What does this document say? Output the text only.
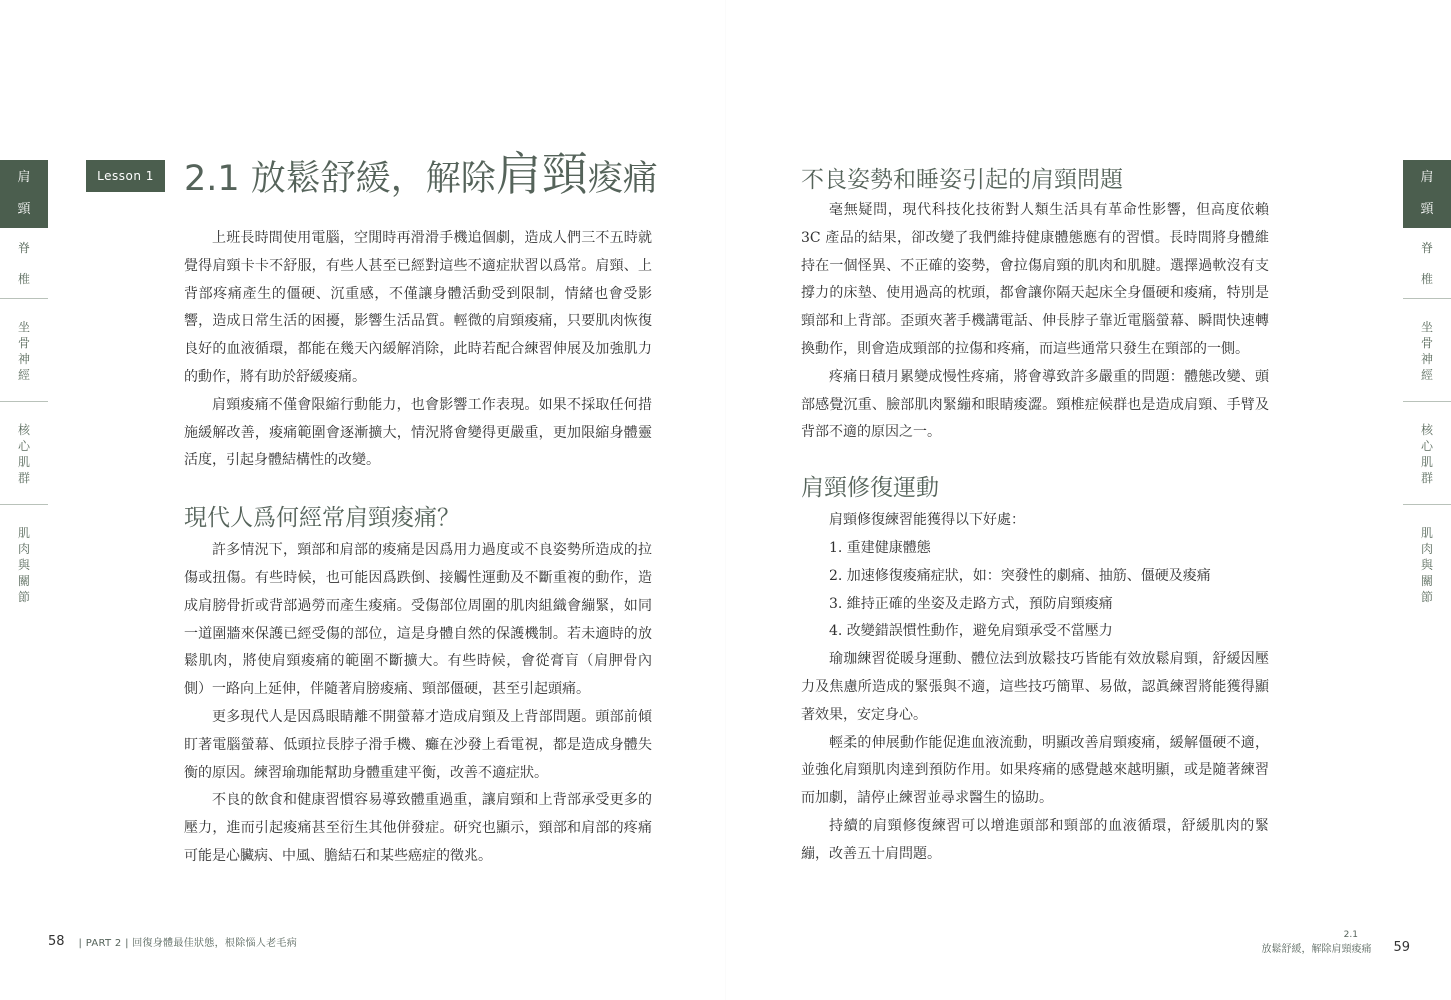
肩
頸
脊
椎
坐
骨
神
經
核
心
肌
群
肌
肉
與
關
節
肩
頸
脊
椎
坐
骨
神
經
核
心
肌
群
肌
肉
與
關
節
Lesson 1 2.1 放鬆舒緩，解除肩頸痠痛

上班長時間使用電腦，空閒時再滑滑手機追個劇，造成人們三不五時就覺得肩頸卡卡不舒服，有些人甚至已經對這些不適症狀習以爲常。肩頸、上背部疼痛產生的僵硬、沉重感，不僅讓身體活動受到限制，情緒也會受影響，造成日常生活的困擾，影響生活品質。輕微的肩頸痠痛，只要肌肉恢復良好的血液循環，都能在幾天內緩解消除，此時若配合練習伸展及加強肌力的動作，將有助於舒緩痠痛。

肩頸痠痛不僅會限縮行動能力，也會影響工作表現。如果不採取任何措施緩解改善，痠痛範圍會逐漸擴大，情況將會變得更嚴重，更加限縮身體靈活度，引起身體結構性的改變。

現代人爲何經常肩頸痠痛？

許多情況下，頸部和肩部的痠痛是因爲用力過度或不良姿勢所造成的拉傷或扭傷。有些時候，也可能因爲跌倒、接觸性運動及不斷重複的動作，造成肩膀骨折或背部過勞而產生痠痛。受傷部位周圍的肌肉組織會繃緊，如同一道圍牆來保護已經受傷的部位，這是身體自然的保護機制。若未適時的放鬆肌肉，將使肩頸痠痛的範圍不斷擴大。有些時候，會從膏肓（肩胛骨內側）一路向上延伸，伴隨著肩膀痠痛、頸部僵硬，甚至引起頭痛。

更多現代人是因爲眼睛離不開螢幕才造成肩頸及上背部問題。頭部前傾盯著電腦螢幕、低頭拉長脖子滑手機、癱在沙發上看電視，都是造成身體失衡的原因。練習瑜珈能幫助身體重建平衡，改善不適症狀。

不良的飲食和健康習慣容易導致體重過重，讓肩頸和上背部承受更多的壓力，進而引起痠痛甚至衍生其他併發症。研究也顯示，頸部和肩部的疼痛可能是心臟病、中風、膽結石和某些癌症的徵兆。

不良姿勢和睡姿引起的肩頸問題

毫無疑問，現代科技化技術對人類生活具有革命性影響，但高度依賴 3C 產品的結果，卻改變了我們維持健康體態應有的習慣。長時間將身體維持在一個怪異、不正確的姿勢，會拉傷肩頸的肌肉和肌腱。選擇過軟沒有支撐力的床墊、使用過高的枕頭，都會讓你隔天起床全身僵硬和痠痛，特別是頸部和上背部。歪頭夾著手機講電話、伸長脖子靠近電腦螢幕、瞬間快速轉換動作，則會造成頸部的拉傷和疼痛，而這些通常只發生在頸部的一側。

疼痛日積月累變成慢性疼痛，將會導致許多嚴重的問題：體態改變、頭部感覺沉重、臉部肌肉緊繃和眼睛痠澀。頸椎症候群也是造成肩頸、手臂及背部不適的原因之一。

肩頸修復運動

肩頸修復練習能獲得以下好處：

1. 重建健康體態
2. 加速修復痠痛症狀，如：突發性的劇痛、抽筋、僵硬及痠痛
3. 維持正確的坐姿及走路方式，預防肩頸痠痛
4. 改變錯誤慣性動作，避免肩頸承受不當壓力

瑜珈練習從暖身運動、體位法到放鬆技巧皆能有效放鬆肩頸，舒緩因壓力及焦慮所造成的緊張與不適，這些技巧簡單、易做，認眞練習將能獲得顯著效果，安定身心。

輕柔的伸展動作能促進血液流動，明顯改善肩頸痠痛，緩解僵硬不適，並強化肩頸肌肉達到預防作用。如果疼痛的感覺越來越明顯，或是隨著練習而加劇，請停止練習並尋求醫生的協助。

持續的肩頸修復練習可以增進頭部和頸部的血液循環，舒緩肌肉的緊繃，改善五十肩問題。

58 | PART 2 | 回復身體最佳狀態，根除惱人老毛病
2.1
放鬆舒緩，解除肩頸痠痛 59
